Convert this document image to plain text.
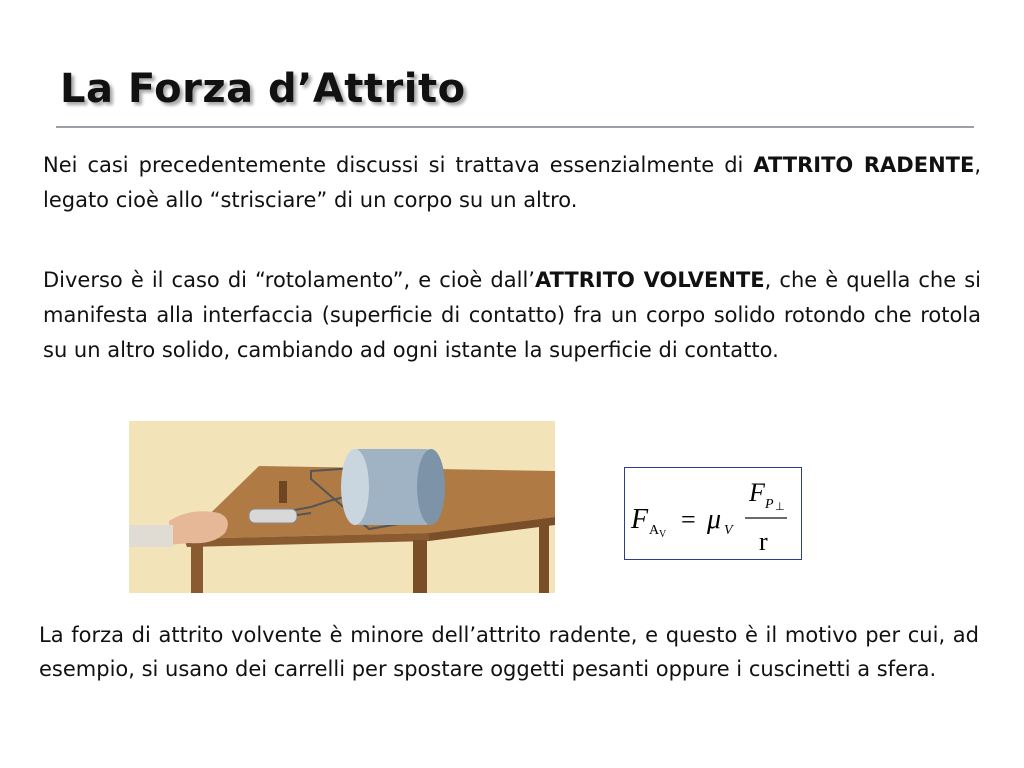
La Forza d’Attrito

Nei casi precedentemente discussi si trattava essenzialmente di ATTRITO RADENTE, legato cioè allo “strisciare” di un corpo su un altro.

Diverso è il caso di “rotolamento”, e cioè dall’ATTRITO VOLVENTE, che è quella che si manifesta alla interfaccia (superficie di contatto) fra un corpo solido rotondo che rotola su un altro solido, cambiando ad ogni istante la superficie di contatto.

F A V
= μ V
F P ⊥
r

La forza di attrito volvente è minore dell’attrito radente, e questo è il motivo per cui, ad esempio, si usano dei carrelli per spostare oggetti pesanti oppure i cuscinetti a sfera.
